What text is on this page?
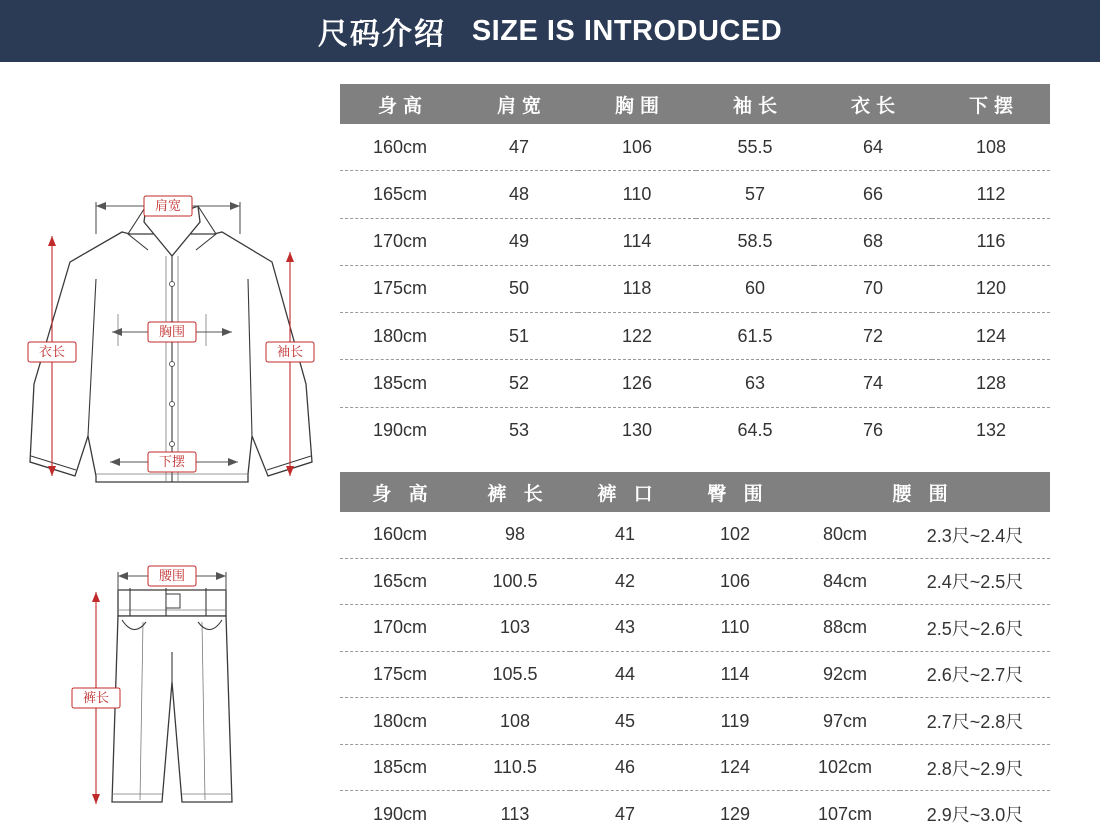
尺码介绍 SIZE IS INTRODUCED
肩宽
胸围
下摆
衣长	袖长
身高	肩宽	胸围	袖长	衣长	下摆
160cm	47	106	55.5	64	108
165cm	48	110	57	66	112
170cm	49	114	58.5	68	116
175cm	50	118	60	70	120
180cm	51	122	61.5	72	124
185cm	52	126	63	74	128
190cm	53	130	64.5	76	132
腰围
裤长
身 高	裤 长	裤 口	臀 围	腰 围	
160cm	98	41	102	80cm	2.3尺~2.4尺
165cm	100.5	42	106	84cm	2.4尺~2.5尺
170cm	103	43	110	88cm	2.5尺~2.6尺
175cm	105.5	44	114	92cm	2.6尺~2.7尺
180cm	108	45	119	97cm	2.7尺~2.8尺
185cm	110.5	46	124	102cm	2.8尺~2.9尺
190cm	113	47	129	107cm	2.9尺~3.0尺
